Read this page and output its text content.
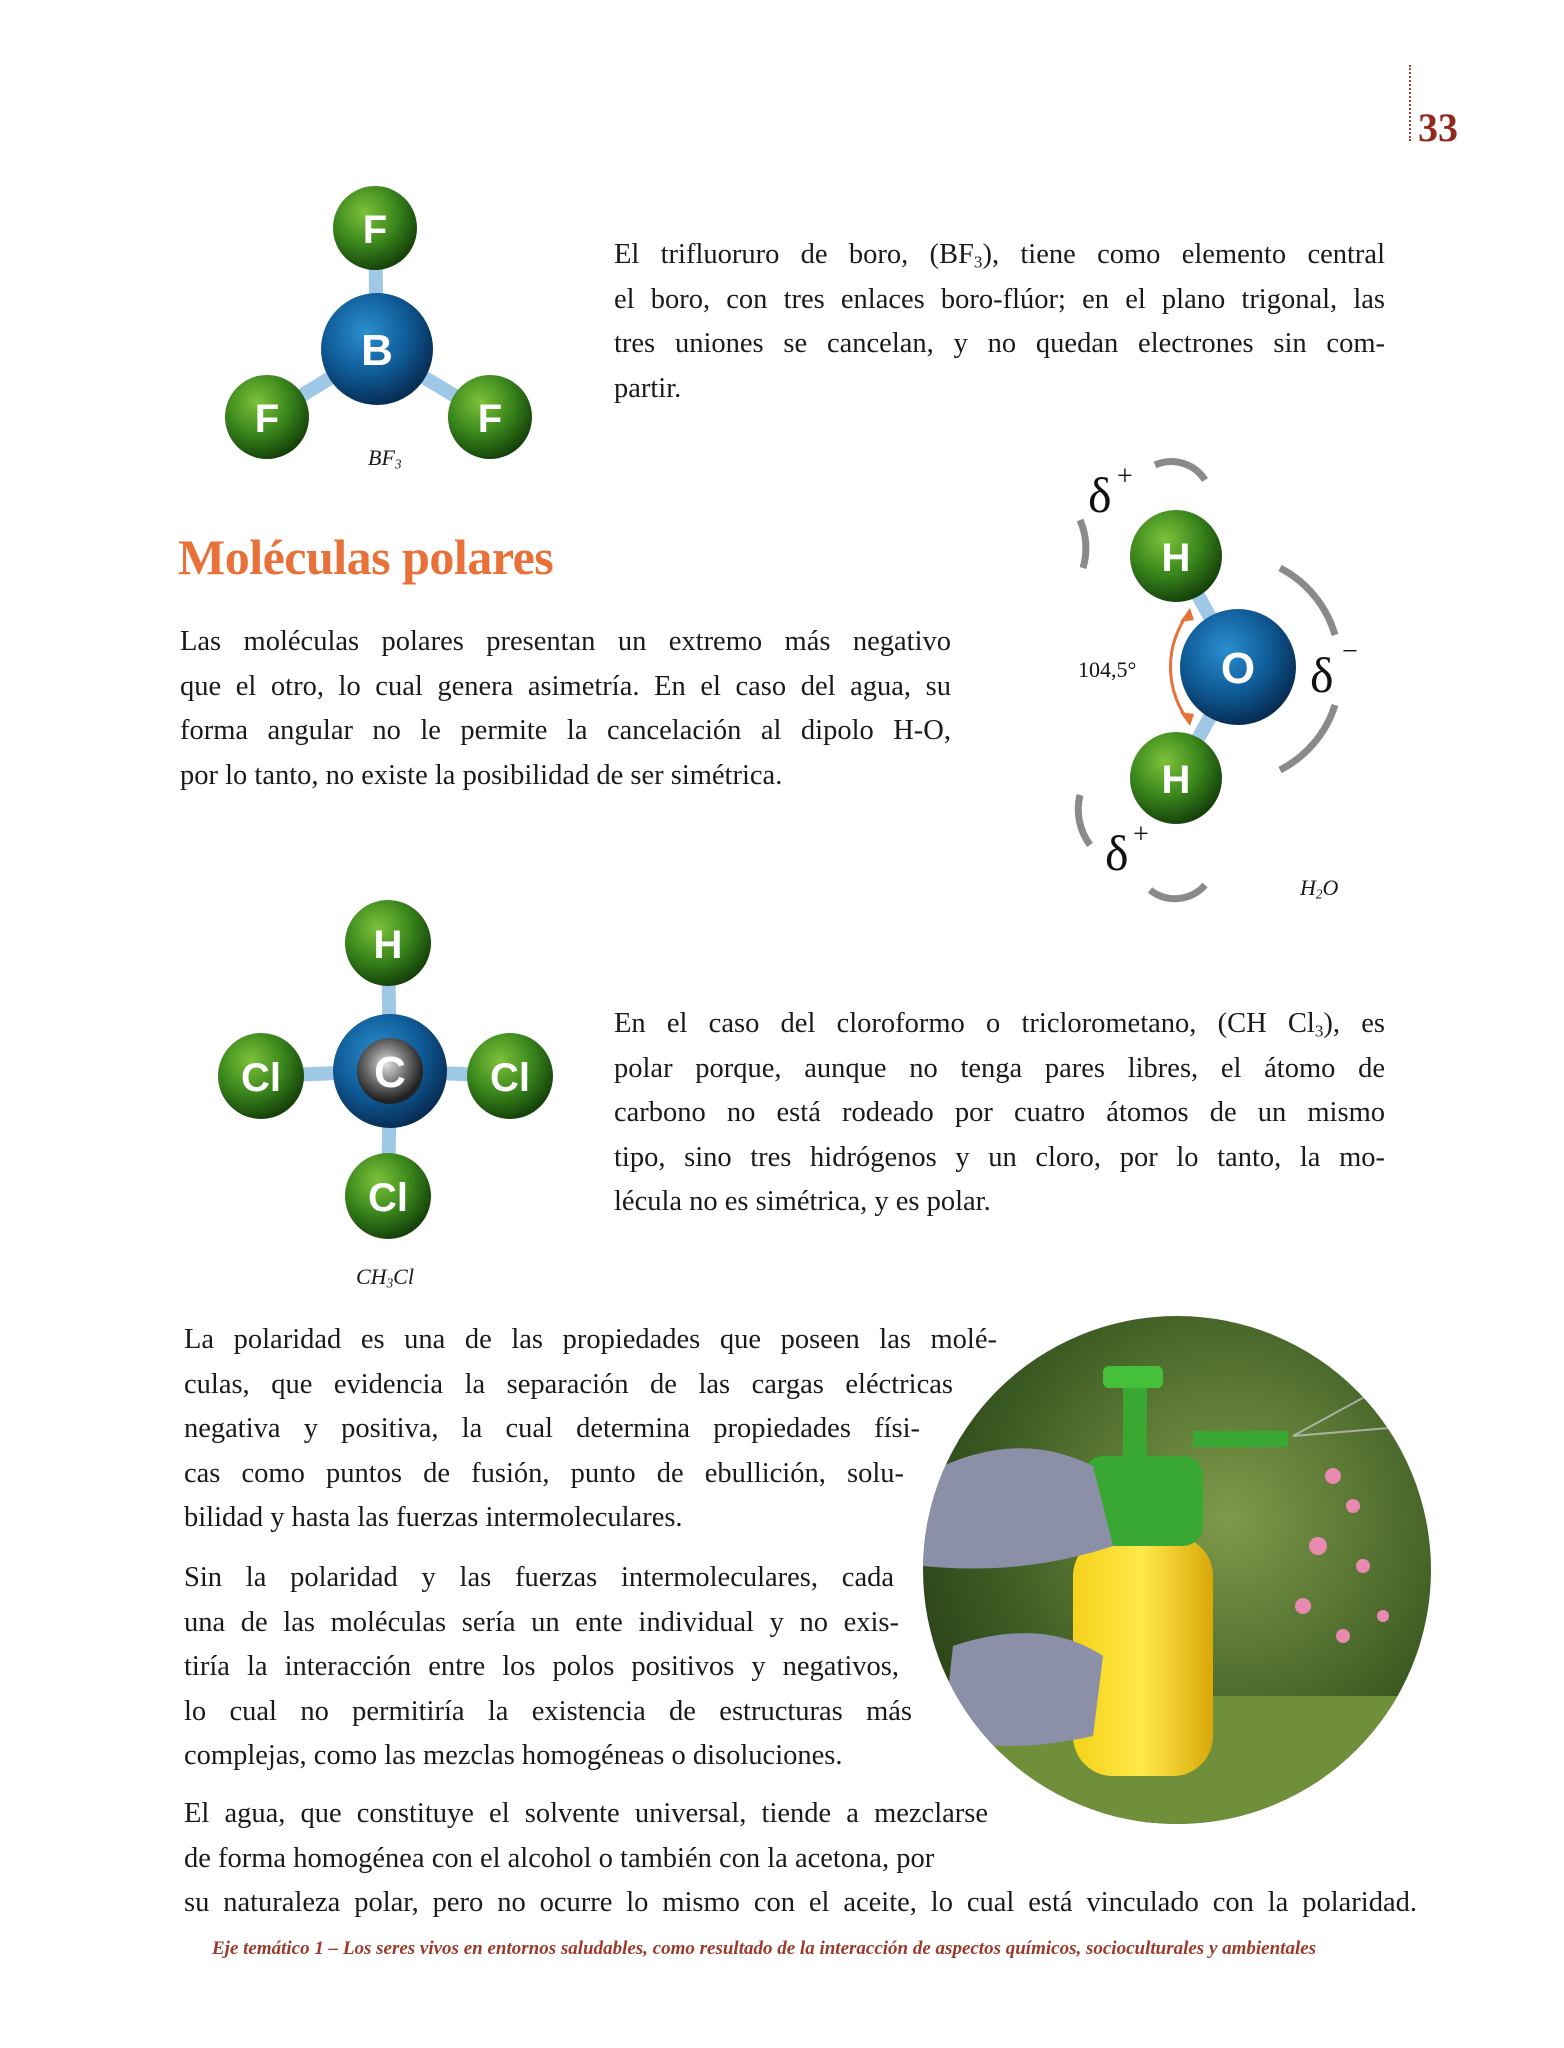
33
F
F	F
B
H
H
O
H
Cl	Cl
Cl
C
δ +
δ −
δ +
104,5°
$BF_3$
$H_2O$
$CH_3Cl$
Moléculas polares
El trifluoruro de boro, $(BF_3)$, tiene como elemento central
el boro, con tres enlaces boro-flúor; en el plano trigonal, las
tres uniones se cancelan, y no quedan electrones sin com-
partir.
Las moléculas polares presentan un extremo más negativo
que el otro, lo cual genera asimetría. En el caso del agua, su
forma angular no le permite la cancelación al dipolo H-O,
por lo tanto, no existe la posibilidad de ser simétrica.
En el caso del cloroformo o triclorometano, (CH $Cl_3$), es
polar porque, aunque no tenga pares libres, el átomo de
carbono no está rodeado por cuatro átomos de un mismo
tipo, sino tres hidrógenos y un cloro, por lo tanto, la mo-
lécula no es simétrica, y es polar.
La polaridad es una de las propiedades que poseen las molé-
culas, que evidencia la separación de las cargas eléctricas
negativa y positiva, la cual determina propiedades físi-
cas como puntos de fusión, punto de ebullición, solu-
bilidad y hasta las fuerzas intermoleculares.
Sin la polaridad y las fuerzas intermoleculares, cada
una de las moléculas sería un ente individual y no exis-
tiría la interacción entre los polos positivos y negativos,
lo cual no permitiría la existencia de estructuras más
complejas, como las mezclas homogéneas o disoluciones.
El agua, que constituye el solvente universal, tiende a mezclarse
de forma homogénea con el alcohol o también con la acetona, por
su naturaleza polar, pero no ocurre lo mismo con el aceite, lo cual está vinculado con la polaridad.
Eje temático 1 – Los seres vivos en entornos saludables, como resultado de la interacción de aspectos químicos, socioculturales y ambientales
